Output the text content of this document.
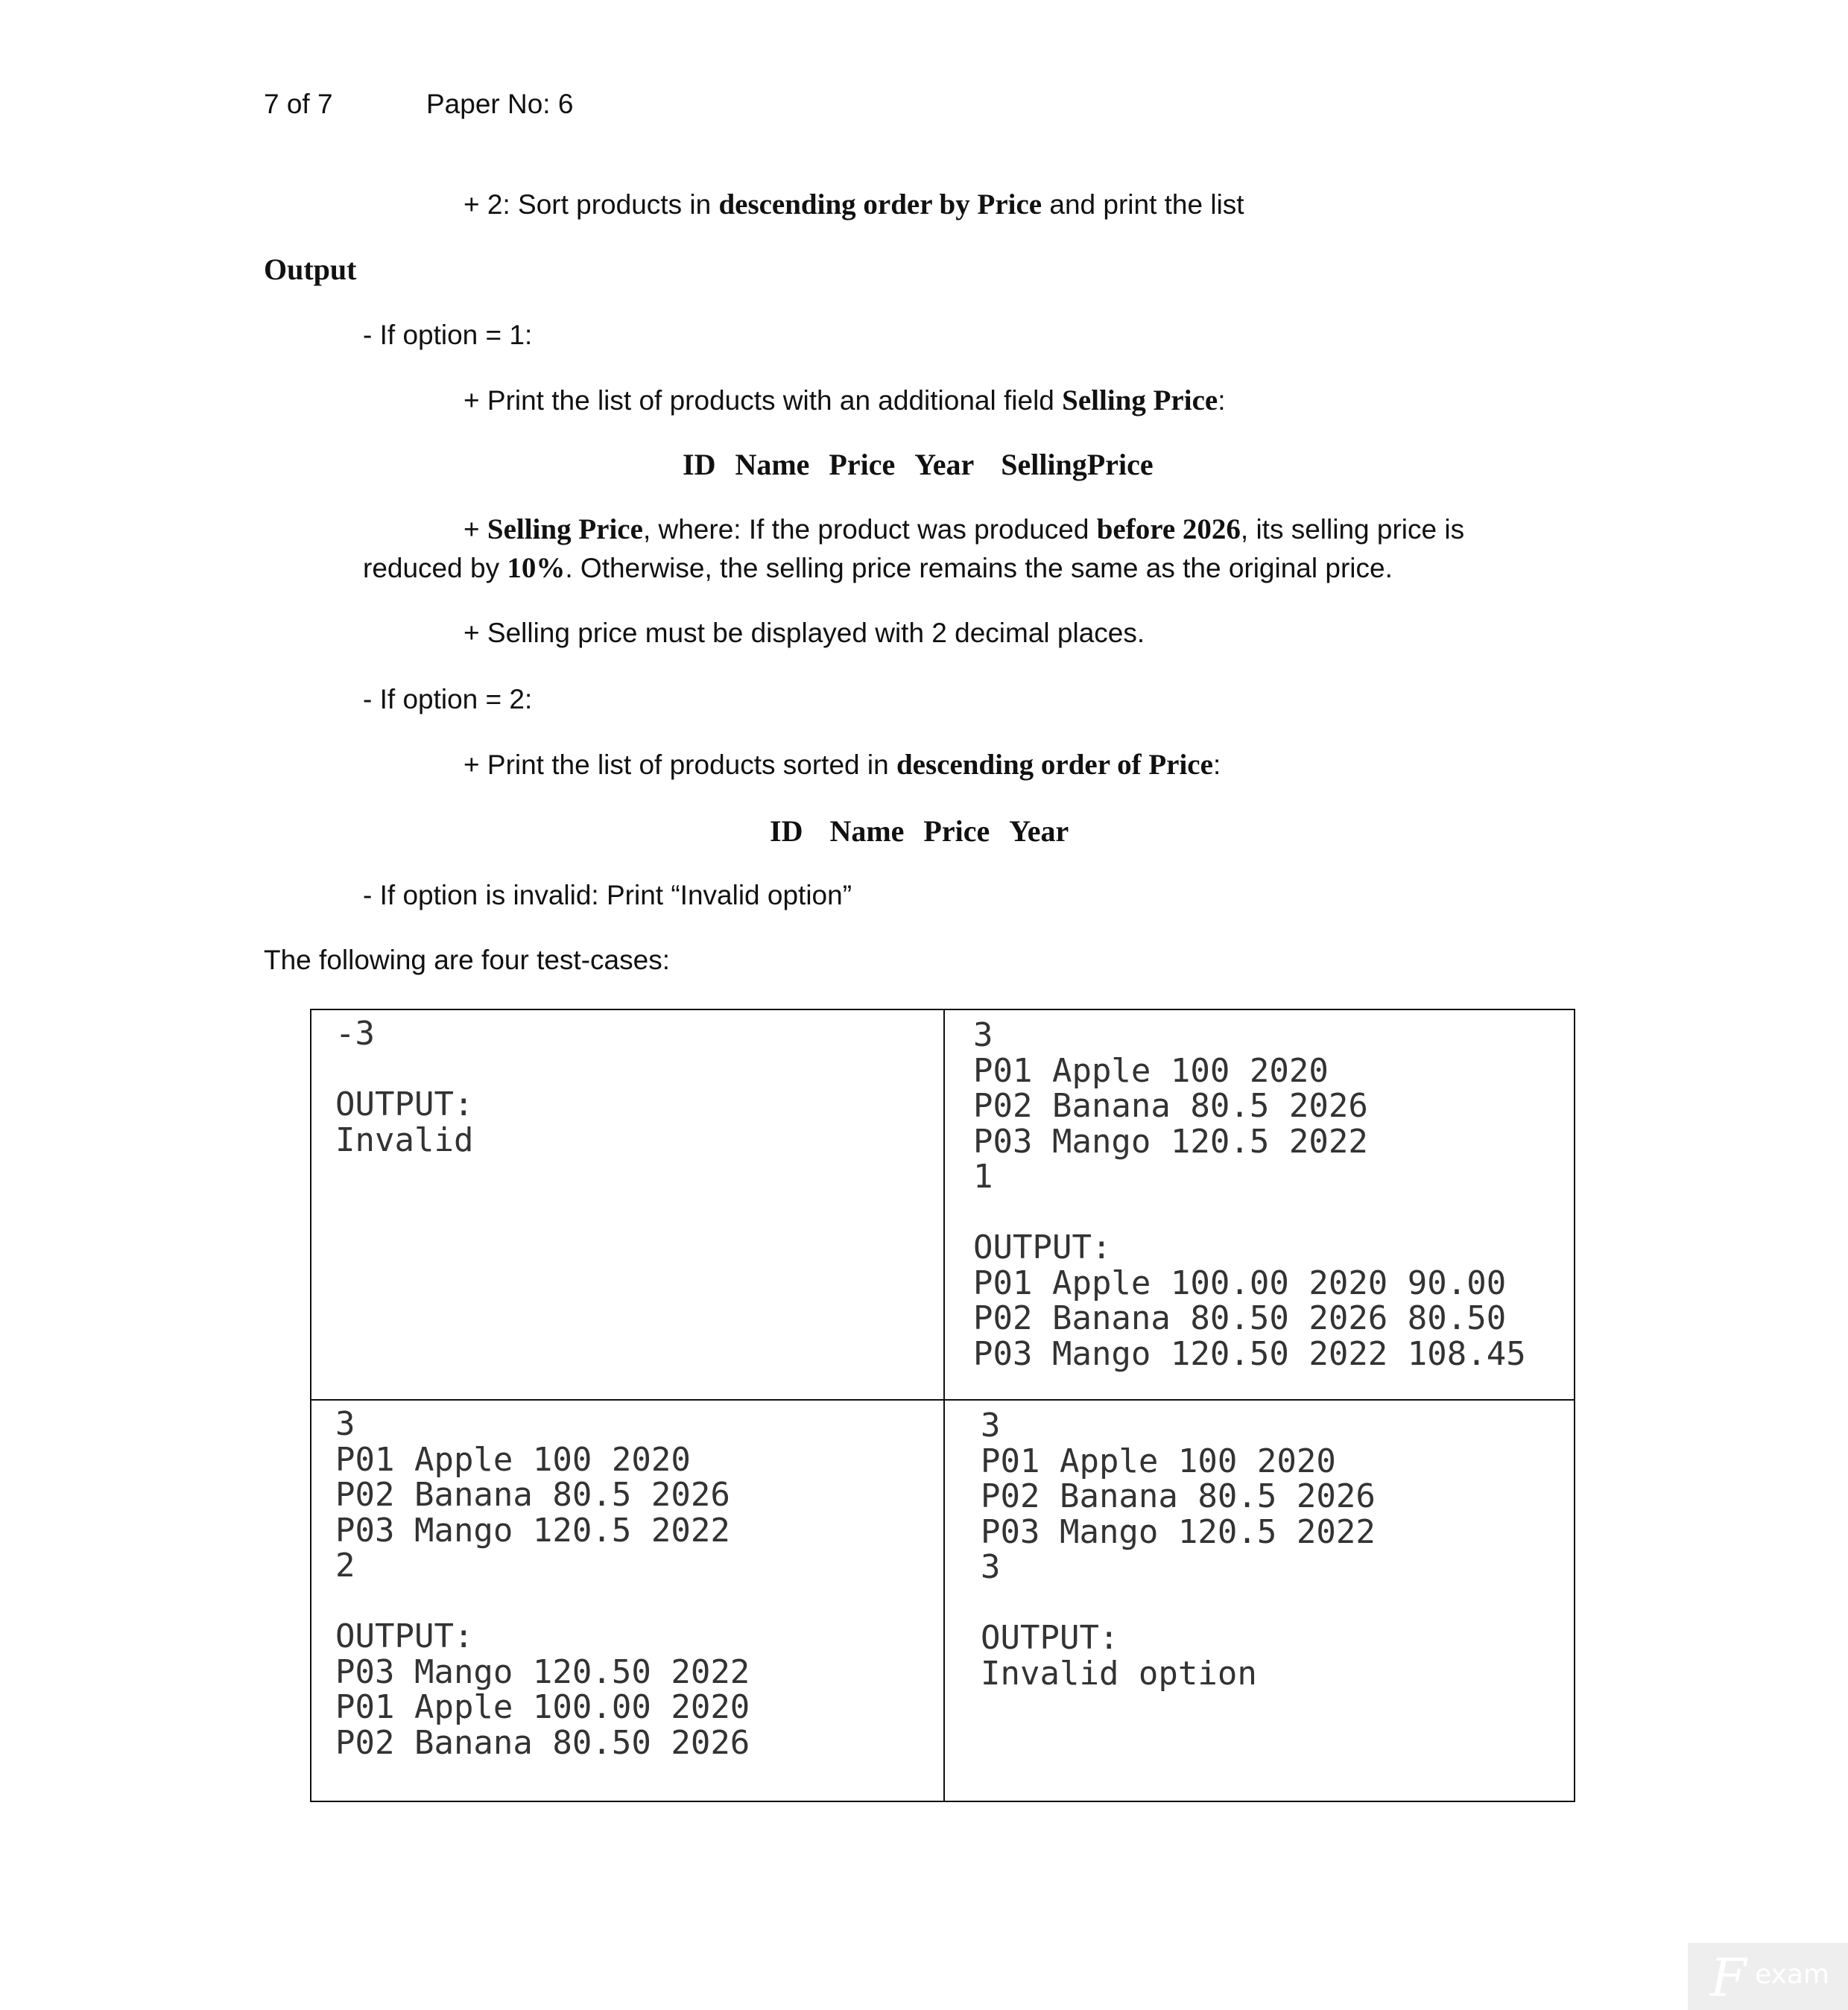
7 of 7	Paper No: 6
+ 2: Sort products in descending order by Price and print the list
Output
- If option = 1:
+ Print the list of products with an additional field Selling Price:
ID Name Price Year SellingPrice
+ Selling Price, where: If the product was produced before 2026, its selling price is
reduced by 10%. Otherwise, the selling price remains the same as the original price.
+ Selling price must be displayed with 2 decimal places.
- If option = 2:
+ Print the list of products sorted in descending order of Price:
ID Name Price Year
- If option is invalid: Print “Invalid option”
The following are four test-cases:
-3

OUTPUT:
Invalid
3
P01 Apple 100 2020
P02 Banana 80.5 2026
P03 Mango 120.5 2022
1

OUTPUT:
P01 Apple 100.00 2020 90.00
P02 Banana 80.50 2026 80.50
P03 Mango 120.50 2022 108.45
3
P01 Apple 100 2020
P02 Banana 80.5 2026
P03 Mango 120.5 2022
2

OUTPUT:
P03 Mango 120.50 2022
P01 Apple 100.00 2020
P02 Banana 80.50 2026
3
P01 Apple 100 2020
P02 Banana 80.5 2026
P03 Mango 120.5 2022
3

OUTPUT:
Invalid option
F exam
